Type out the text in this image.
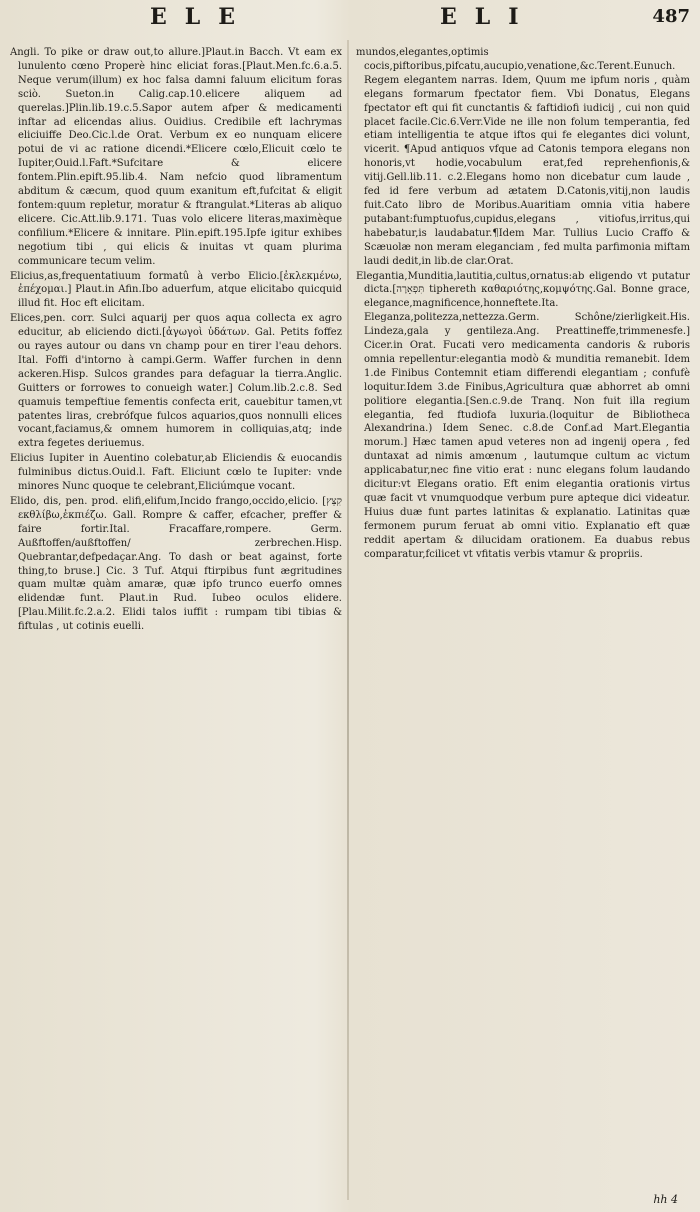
ELE	ELI	487

Angli. To pike or draw out,to allure.]Plaut.in Bacch. Vt eam ex lunulento cœno Properè hinc eliciat foras.[Plaut.Men.fc.6.a.5. Neque verum(illum) ex hoc falsa damni faluum elicitum foras sciò. Sueton.in Calig.cap.10.elicere aliquem ad querelas.]Plin.lib.19.c.5.Sapor autem afper & medicamenti inftar ad elicendas alius. Ouidius. Credibile eft lachrymas eliciuiffe Deo.Cic.l.de Orat. Verbum ex eo nunquam elicere potui de vi ac ratione dicendi.*Elicere cœlo,Elicuit cœlo te Iupiter,Ouid.l.Faft.*Sufcitare & elicere fontem.Plin.epift.95.lib.4. Nam nefcio quod libramentum abditum & cæcum, quod quum exanitum eft,fufcitat & eligit fontem:quum repletur, moratur & ftrangulat.*Literas ab aliquo elicere. Cic.Att.lib.9.171. Tuas volo elicere literas,maximèque confilium.*Elicere & innitare. Plin.epift.195.Ipfe igitur exhibes negotium tibi , qui elicis & inuitas vt quam plurima communicare tecum velim.

Elicius,as,frequentatiuum formatû à verbo Elicio.[ἐκλεκμένω, ἐπέχομαι.] Plaut.in Afin.Ibo aduerfum, atque elicitabo quicquid illud fit. Hoc eft elicitam.

Elices,pen. corr. Sulci aquarij per quos aqua collecta ex agro educitur, ab eliciendo dicti.[ἀγωγοὶ ὑδάτων. Gal. Petits foffez ou rayes autour ou dans vn champ pour en tirer l'eau dehors. Ital. Foffi d'intorno à campi.Germ. Waffer furchen in denn ackeren.Hisp. Sulcos grandes para defaguar la tierra.Anglic. Guitters or forrowes to conueigh water.] Colum.lib.2.c.8. Sed quamuis tempeftiue fementis confecta erit, cauebitur tamen,vt patentes liras, crebrófque fulcos aquarios,quos nonnulli elices vocant,faciamus,& omnem humorem in colliquias,atq; inde extra fegetes deriuemus.

Elicius Iupiter in Auentino colebatur,ab Eliciendis & euocandis fulminibus dictus.Ouid.l. Faft. Eliciunt cœlo te Iupiter: vnde minores Nunc quoque te celebrant,Eliciúmque vocant.

Elido, dis, pen. prod. elifi,elifum,Incido frango,occido,elicio. [קִצֵּץ εκθλίβω,ἐκπιέζω. Gall. Rompre & caffer, efcacher, preffer & faire fortir.Ital. Fracaffare,rompere. Germ. Außftoffen/außftoffen/ zerbrechen.Hisp. Quebrantar,defpedaçar.Ang. To dash or beat against, forte thing,to bruse.] Cic. 3 Tuf. Atqui ftirpibus funt ægritudines quam multæ quàm amaræ, quæ ipfo trunco euerfo omnes elidendæ funt. Plaut.in Rud. Iubeo oculos elidere.[Plau.Milit.fc.2.a.2. Elidi talos iuffit : rumpam tibi tibias & fiftulas , ut cotinis euelli.

mundos,elegantes,optimis cocis,piftoribus,pifcatu,aucupio,venatione,&c.Terent.Eunuch. Regem elegantem narras. Idem, Quum me ipfum noris , quàm elegans formarum fpectator fiem. Vbi Donatus, Elegans fpectator eft qui fit cunctantis & faftidiofi iudicij , cui non quid placet facile.Cic.6.Verr.Vide ne ille non folum temperantia, fed etiam intelligentia te atque iftos qui fe elegantes dici volunt, vicerit. ¶Apud antiquos vfque ad Catonis tempora elegans non honoris,vt hodie,vocabulum erat,fed reprehenfionis,& vitij.Gell.lib.11. c.2.Elegans homo non dicebatur cum laude , fed id fere verbum ad ætatem D.Catonis,vitij,non laudis fuit.Cato libro de Moribus.Auaritiam omnia vitia habere putabant:fumptuofus,cupidus,elegans , vitiofus,irritus,qui habebatur,is laudabatur.¶Idem Mar. Tullius Lucio Craffo & Scæuolæ non meram eleganciam , fed multa parfimonia miftam laudi dedit,in lib.de clar.Orat.

Elegantia,Munditia,lautitia,cultus,ornatus:ab eligendo vt putatur dicta.[תִּפְאָרָה tiphereth καθαριότης,κομψότης.Gal. Bonne grace, elegance,magnificence,honneftete.Ita. Eleganza,politezza,nettezza.Germ. Schône/zierligkeit.His. Lindeza,gala y gentileza.Ang. Preattineffe,trimmenesfe.] Cicer.in Orat. Fucati vero medicamenta candoris & ruboris omnia repellentur:elegantia modò & munditia remanebit. Idem 1.de Finibus Contemnit etiam differendi elegantiam ; confufè loquitur.Idem 3.de Finibus,Agricultura quæ abhorret ab omni politiore elegantia.[Sen.c.9.de Tranq. Non fuit illa regium elegantia, fed ftudiofa luxuria.(loquitur de Bibliotheca Alexandrina.) Idem Senec. c.8.de Conf.ad Mart.Elegantia morum.] Hæc tamen apud veteres non ad ingenij opera , fed duntaxat ad nimis amœnum , lautumque cultum ac victum applicabatur,nec fine vitio erat : nunc elegans folum laudando dicitur:vt Elegans oratio. Eft enim elegantia orationis virtus quæ facit vt vnumquodque verbum pure apteque dici videatur. Huius duæ funt partes latinitas & explanatio. Latinitas quæ fermonem purum feruat ab omni vitio. Explanatio eft quæ reddit apertam & dilucidam orationem. Ea duabus rebus comparatur,fcilicet vt vfitatis verbis vtamur & propriis.

hh 4
